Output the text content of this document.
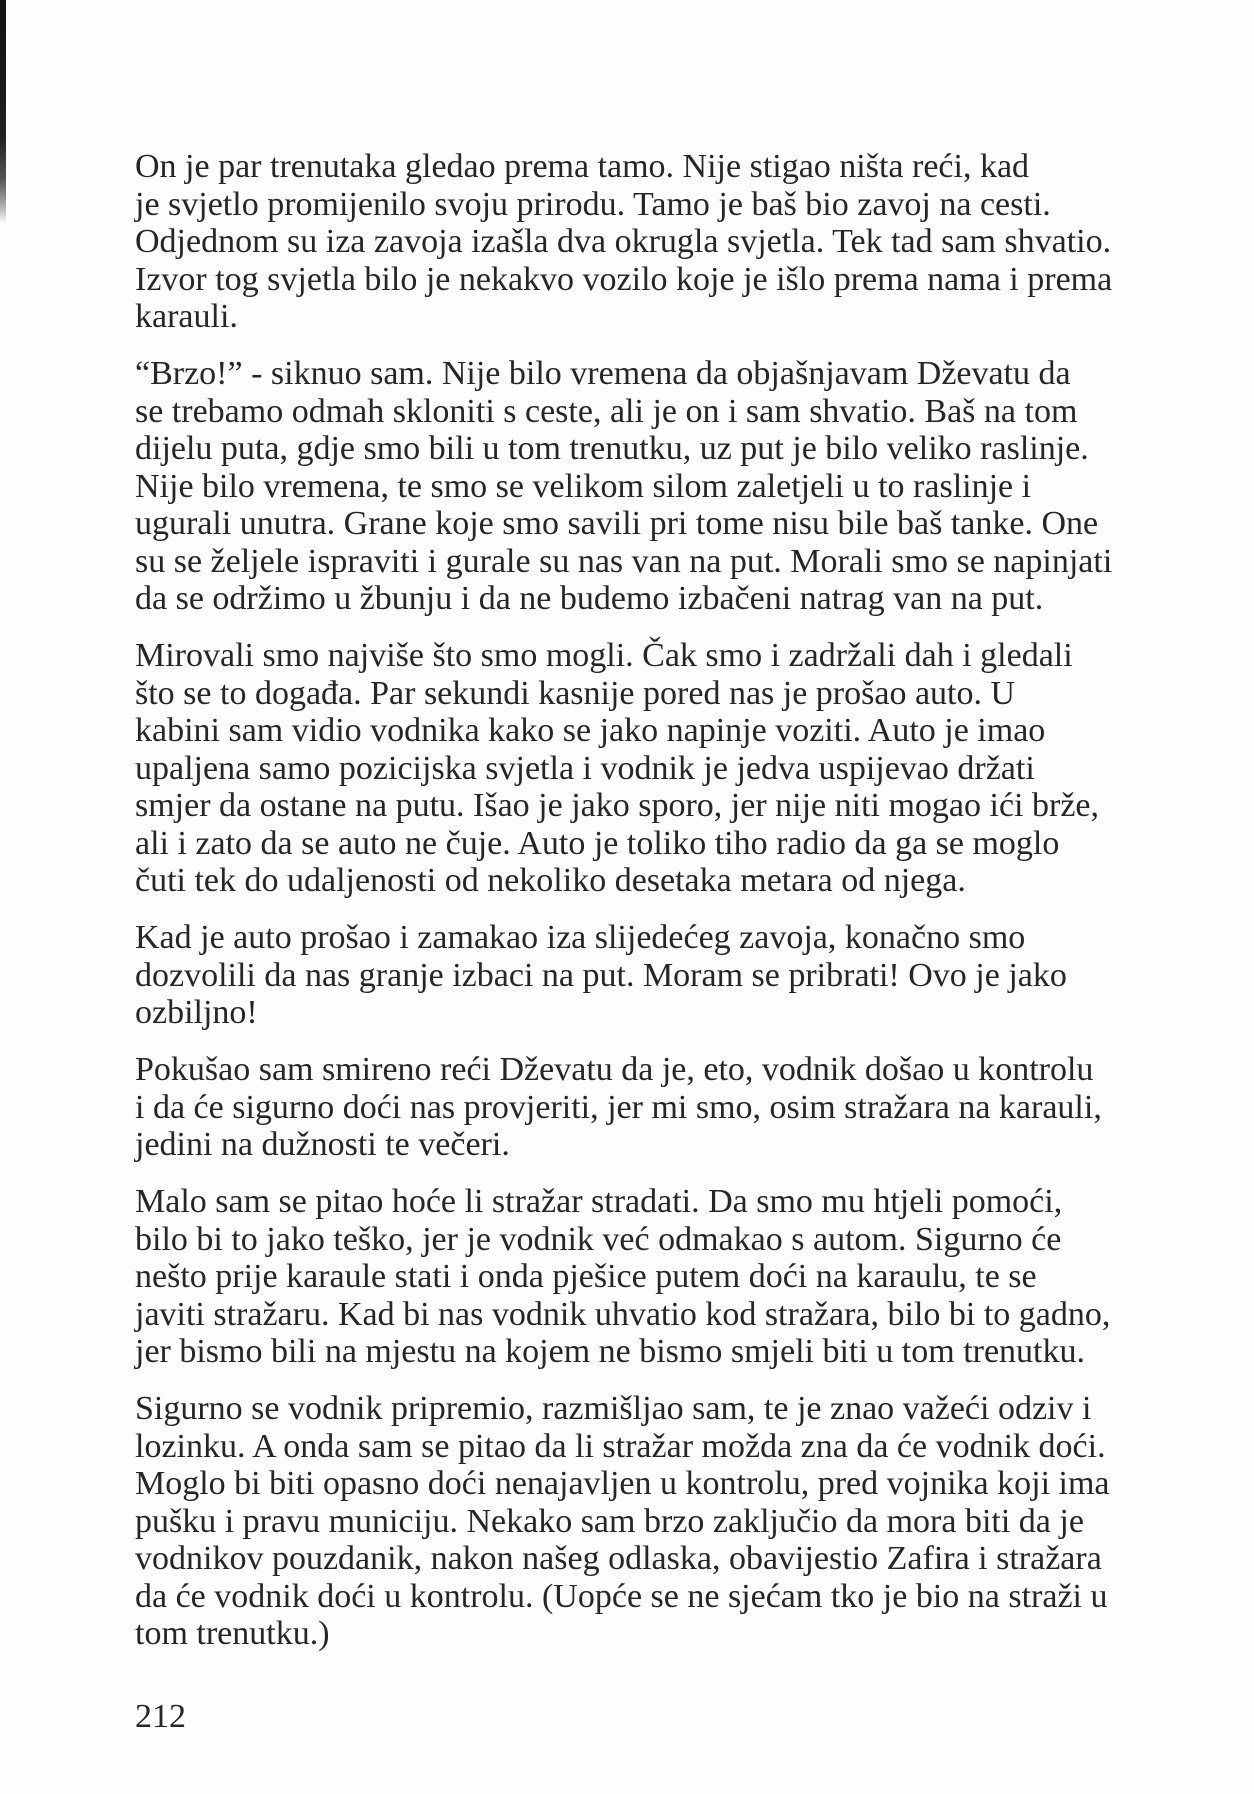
On je par trenutaka gledao prema tamo. Nije stigao ništa reći, kad
je svjetlo promijenilo svoju prirodu. Tamo je baš bio zavoj na cesti.
Odjednom su iza zavoja izašla dva okrugla svjetla. Tek tad sam shvatio.
Izvor tog svjetla bilo je nekakvo vozilo koje je išlo prema nama i prema
karauli.

“Brzo!” - siknuo sam. Nije bilo vremena da objašnjavam Dževatu da
se trebamo odmah skloniti s ceste, ali je on i sam shvatio. Baš na tom
dijelu puta, gdje smo bili u tom trenutku, uz put je bilo veliko raslinje.
Nije bilo vremena, te smo se velikom silom zaletjeli u to raslinje i
ugurali unutra. Grane koje smo savili pri tome nisu bile baš tanke. One
su se željele ispraviti i gurale su nas van na put. Morali smo se napinjati
da se održimo u žbunju i da ne budemo izbačeni natrag van na put.

Mirovali smo najviše što smo mogli. Čak smo i zadržali dah i gledali
što se to događa. Par sekundi kasnije pored nas je prošao auto. U
kabini sam vidio vodnika kako se jako napinje voziti. Auto je imao
upaljena samo pozicijska svjetla i vodnik je jedva uspijevao držati
smjer da ostane na putu. Išao je jako sporo, jer nije niti mogao ići brže,
ali i zato da se auto ne čuje. Auto je toliko tiho radio da ga se moglo
čuti tek do udaljenosti od nekoliko desetaka metara od njega.

Kad je auto prošao i zamakao iza slijedećeg zavoja, konačno smo
dozvolili da nas granje izbaci na put. Moram se pribrati! Ovo je jako
ozbiljno!

Pokušao sam smireno reći Dževatu da je, eto, vodnik došao u kontrolu
i da će sigurno doći nas provjeriti, jer mi smo, osim stražara na karauli,
jedini na dužnosti te večeri.

Malo sam se pitao hoće li stražar stradati. Da smo mu htjeli pomoći,
bilo bi to jako teško, jer je vodnik već odmakao s autom. Sigurno će
nešto prije karaule stati i onda pješice putem doći na karaulu, te se
javiti stražaru. Kad bi nas vodnik uhvatio kod stražara, bilo bi to gadno,
jer bismo bili na mjestu na kojem ne bismo smjeli biti u tom trenutku.

Sigurno se vodnik pripremio, razmišljao sam, te je znao važeći odziv i
lozinku. A onda sam se pitao da li stražar možda zna da će vodnik doći.
Moglo bi biti opasno doći nenajavljen u kontrolu, pred vojnika koji ima
pušku i pravu municiju. Nekako sam brzo zaključio da mora biti da je
vodnikov pouzdanik, nakon našeg odlaska, obavijestio Zafira i stražara
da će vodnik doći u kontrolu. (Uopće se ne sjećam tko je bio na straži u
tom trenutku.)

212
